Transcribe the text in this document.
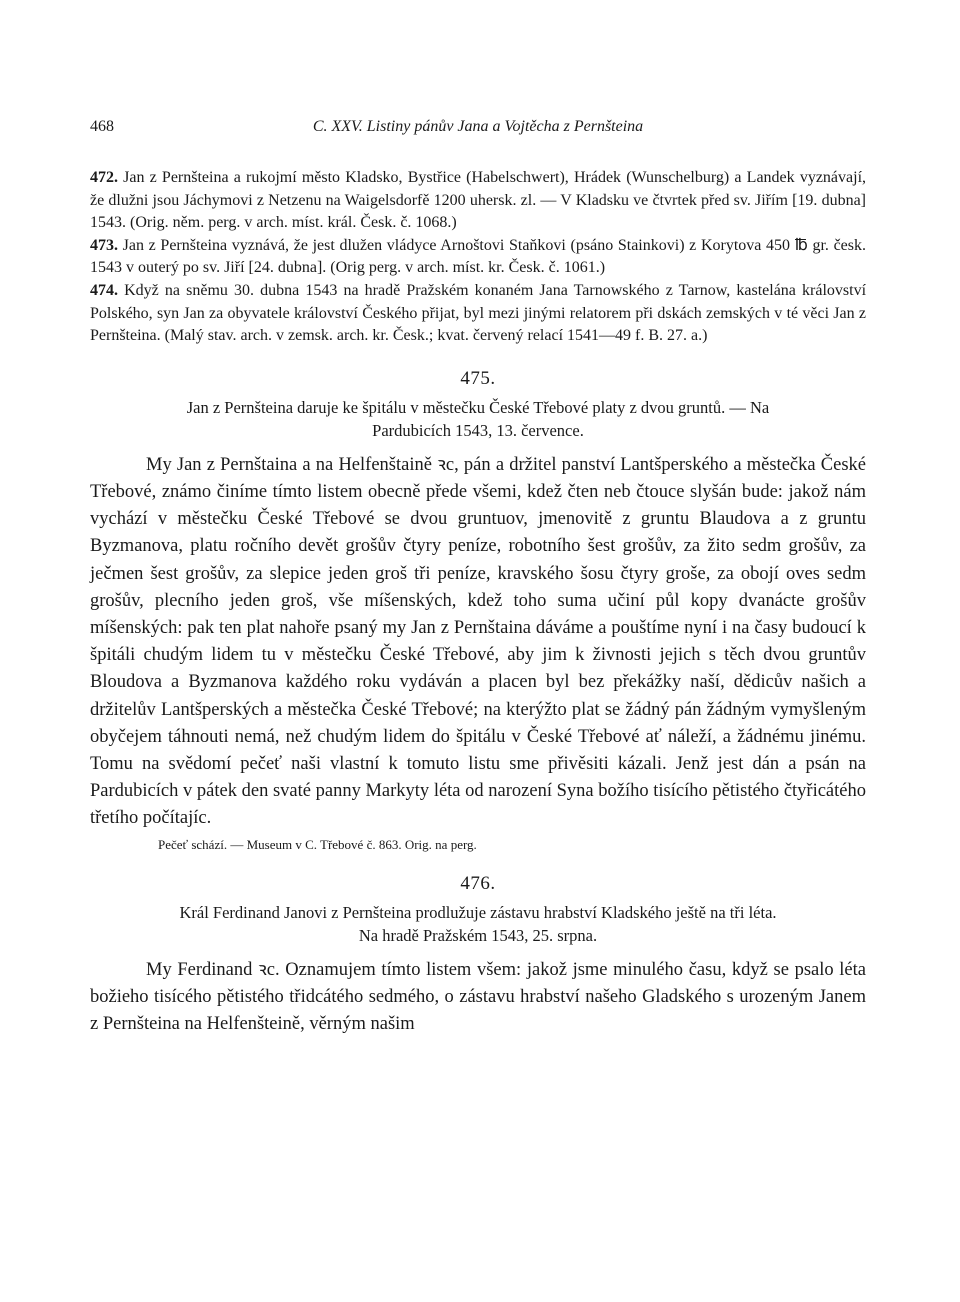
468	C. XXV. Listiny pánův Jana a Vojtěcha z Pernšteina

472. Jan z Pernšteina a rukojmí město Kladsko, Bystřice (Habelschwert), Hrádek (Wunschelburg) a Landek vyznávají, že dlužni jsou Jáchymovi z Netzenu na Waigelsdorfě 1200 uhersk. zl. — V Kladsku ve čtvrtek před sv. Jiřím [19. dubna] 1543. (Orig. něm. perg. v arch. míst. král. Česk. č. 1068.)

473. Jan z Pernšteina vyznává, že jest dlužen vládyce Arnoštovi Staňkovi (psáno Stainkovi) z Korytova 450 ℔ gr. česk. 1543 v outerý po sv. Jiří [24. dubna]. (Orig perg. v arch. míst. kr. Česk. č. 1061.)

474. Když na sněmu 30. dubna 1543 na hradě Pražském konaném Jana Tarnowského z Tarnow, kastelána království Polského, syn Jan za obyvatele království Českého přijat, byl mezi jinými relatorem při dskách zemských v té věci Jan z Pernšteina. (Malý stav. arch. v zemsk. arch. kr. Česk.; kvat. červený relací 1541—49 f. B. 27. a.)

475.

Jan z Pernšteina daruje ke špitálu v městečku České Třebové platy z dvou gruntů. — Na
Pardubicích 1543, 13. července.

My Jan z Pernštaina a na Helfenštaině ꝛc, pán a držitel panství Lantšperského a městečka České Třebové, známo činíme tímto listem obecně přede všemi, kdež čten neb čtouce slyšán bude: jakož nám vychází v městečku České Třebové se dvou gruntuov, jmenovitě z gruntu Blaudova a z gruntu Byzmanova, platu ročního devět grošův čtyry peníze, robotního šest grošův, za žito sedm grošův, za ječmen šest grošův, za slepice jeden groš tři peníze, kravského šosu čtyry groše, za obojí oves sedm grošův, plecního jeden groš, vše míšenských, kdež toho suma učiní půl kopy dvanácte grošův míšenských: pak ten plat nahoře psaný my Jan z Pernštaina dáváme a pouštíme nyní i na časy budoucí k špitáli chudým lidem tu v městečku České Třebové, aby jim k živnosti jejich s těch dvou gruntův Bloudova a Byzmanova každého roku vydáván a placen byl bez překážky naší, dědicův našich a držitelův Lantšperských a městečka České Třebové; na kterýžto plat se žádný pán žádným vymyšleným obyčejem táhnouti nemá, než chudým lidem do špitálu v České Třebové ať náleží, a žádnému jinému. Tomu na svědomí pečeť naši vlastní k tomuto listu sme přivěsiti kázali. Jenž jest dán a psán na Pardubicích v pátek den svaté panny Markyty léta od narození Syna božího tisícího pětistého čtyřicátého třetího počítajíc.

Pečeť schází. — Museum v C. Třebové č. 863. Orig. na perg.
476.

Král Ferdinand Janovi z Pernšteina prodlužuje zástavu hrabství Kladského ještě na tři léta.
Na hradě Pražském 1543, 25. srpna.

My Ferdinand ꝛc. Oznamujem tímto listem všem: jakož jsme minulého času, když se psalo léta božieho tisícého pětistého třidcátého sedmého, o zástavu hrabství našeho Gladského s urozeným Janem z Pernšteina na Helfenšteině, věrným našim
